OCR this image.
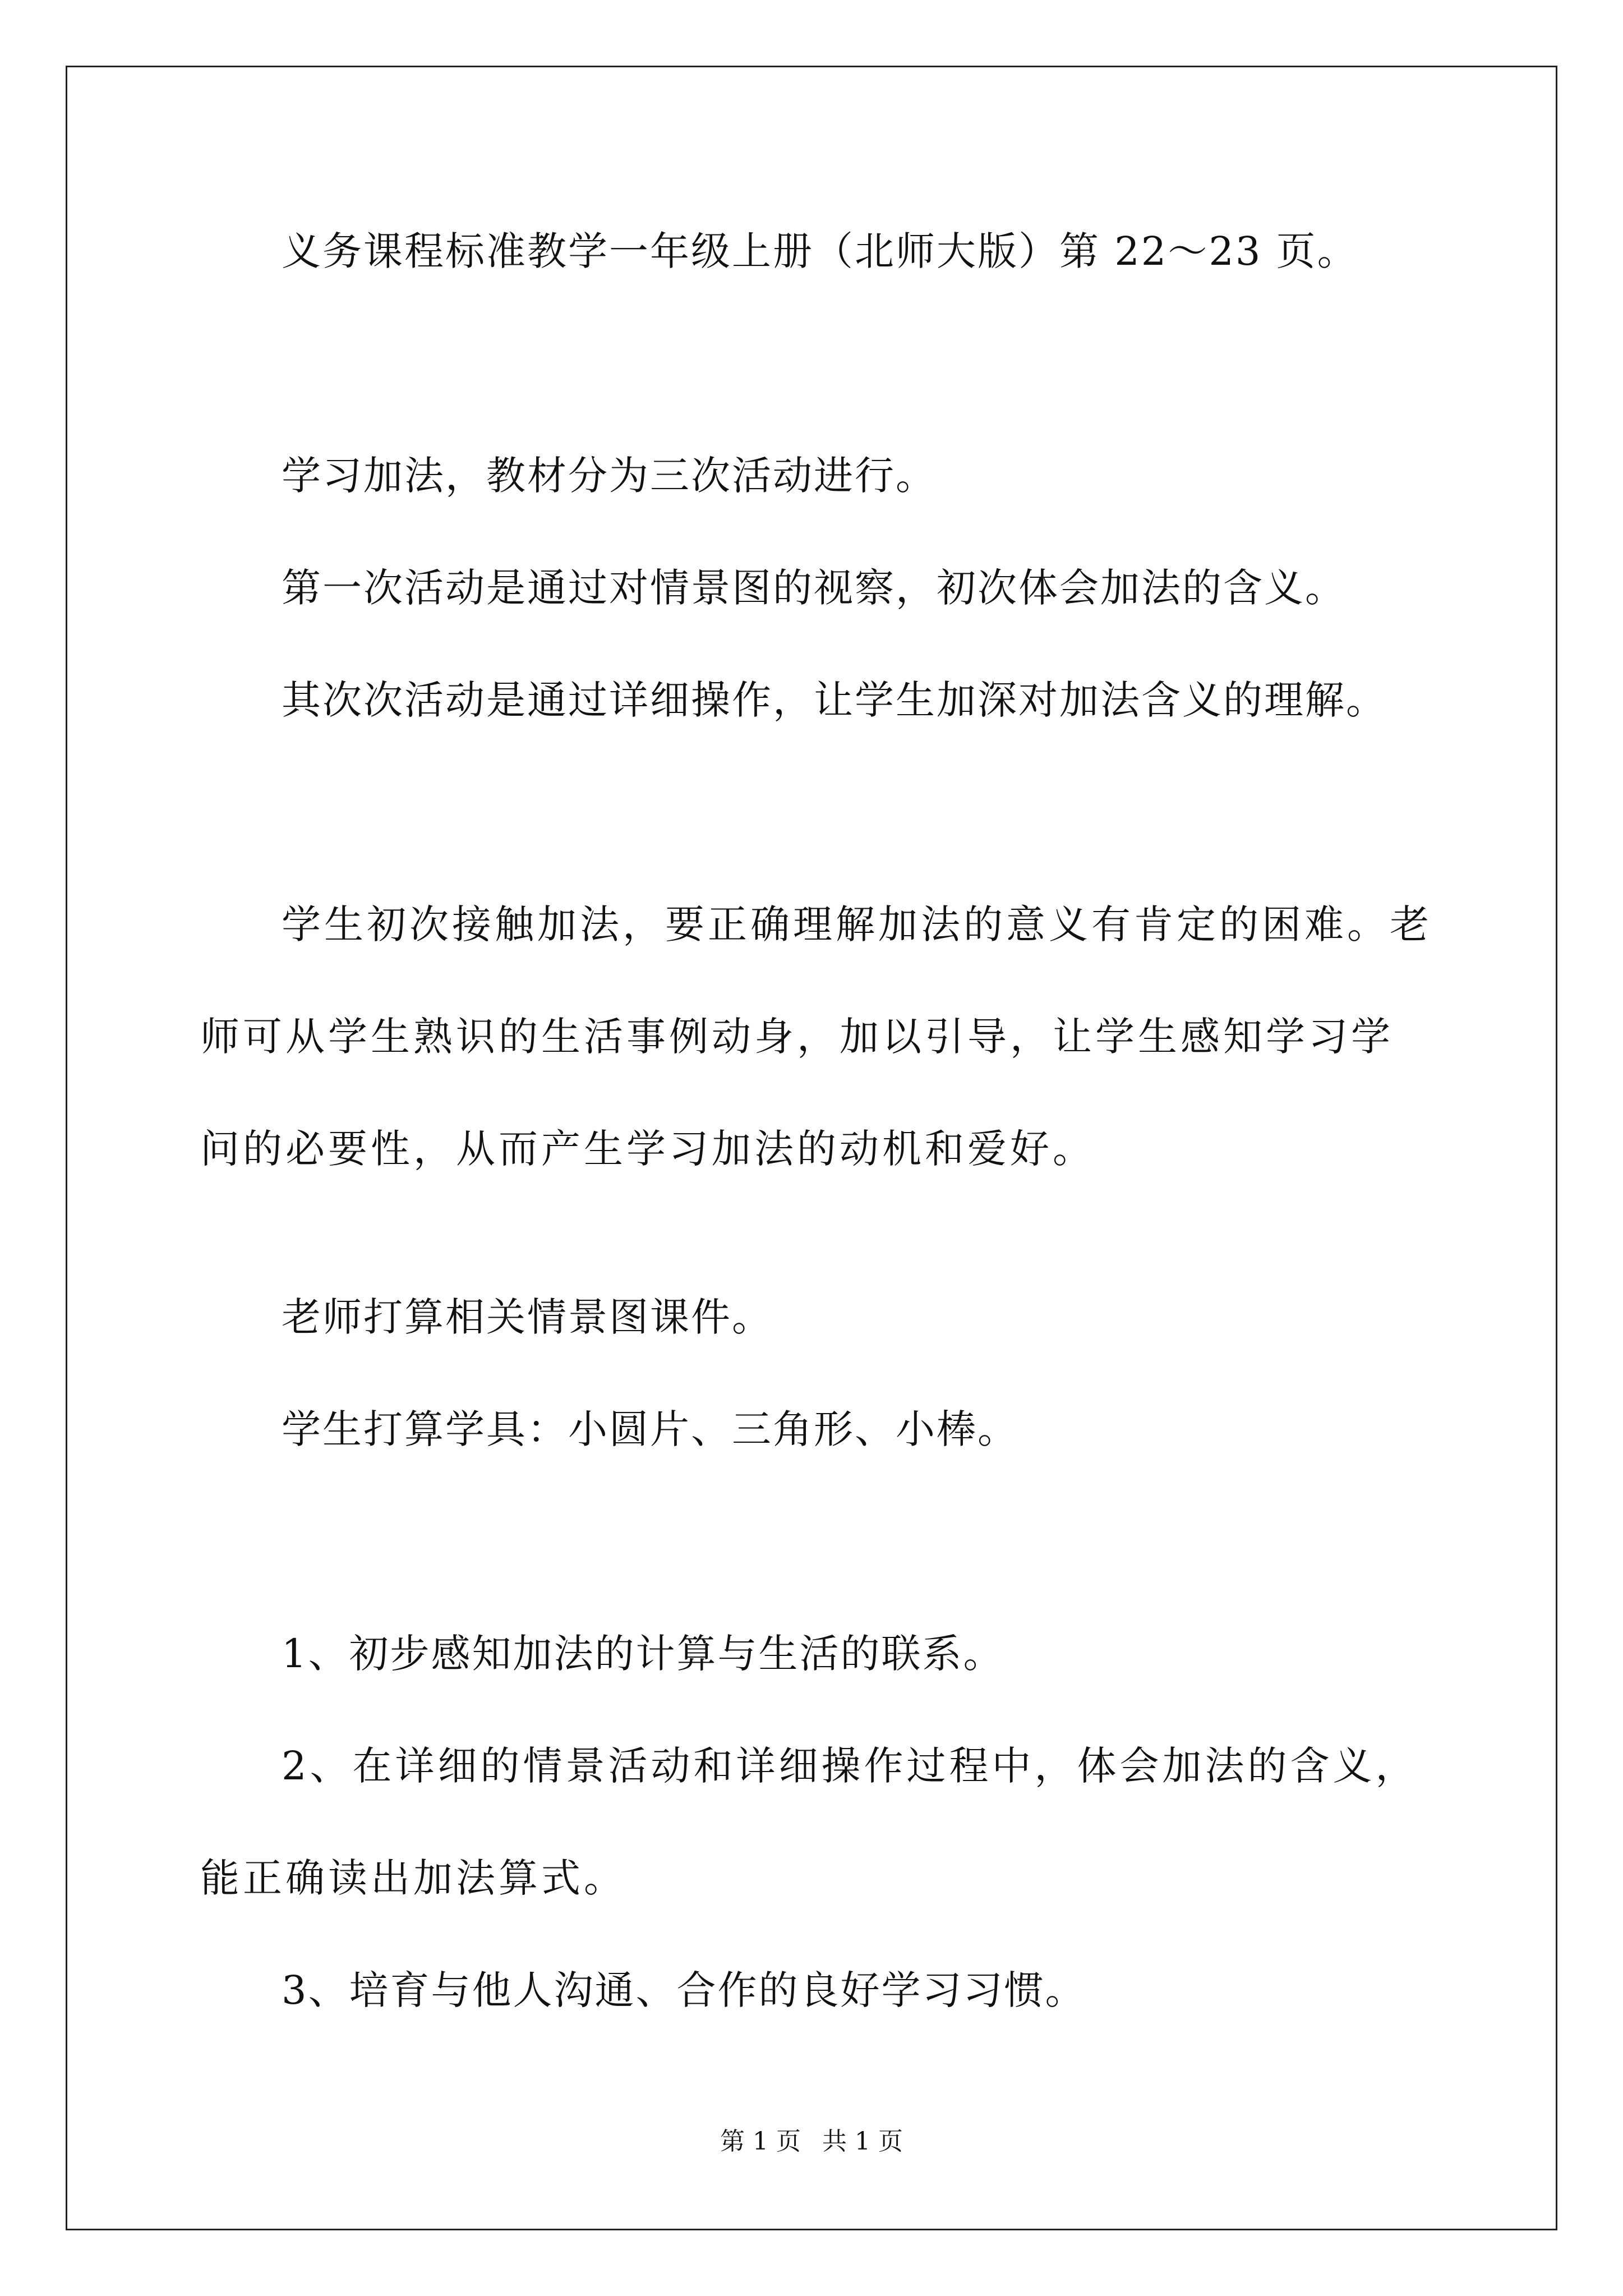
义务课程标准教学一年级上册（北师大版）第 22～23 页。
学习加法，教材分为三次活动进行。
第一次活动是通过对情景图的视察，初次体会加法的含义。
其次次活动是通过详细操作，让学生加深对加法含义的理解。
学生初次接触加法，要正确理解加法的意义有肯定的困难。老师可从学生熟识的生活事例动身，加以引导，让学生感知学习学问的必要性，从而产生学习加法的动机和爱好。
老师打算相关情景图课件。
学生打算学具：小圆片、三角形、小棒。
1、初步感知加法的计算与生活的联系。
2、在详细的情景活动和详细操作过程中，体会加法的含义，能正确读出加法算式。
3、培育与他人沟通、合作的良好学习习惯。
第 1 页 共 1 页
